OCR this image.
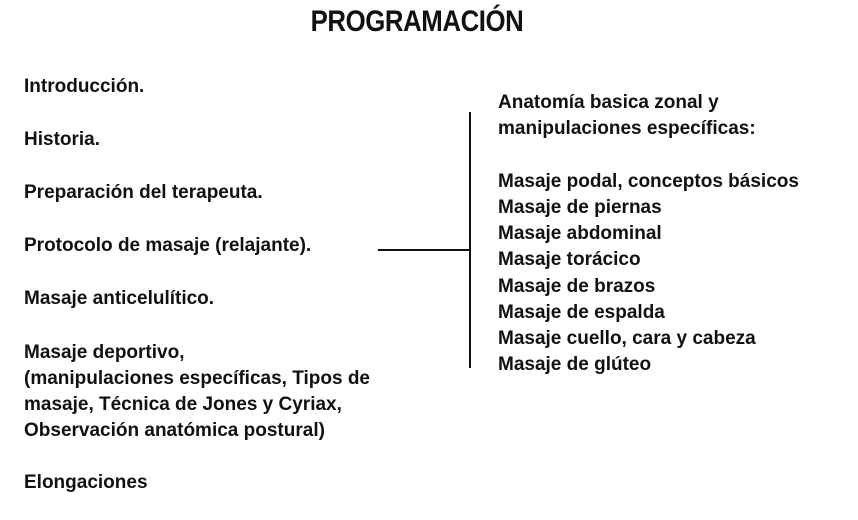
PROGRAMACIÓN
Introducción.
Historia.
Preparación del terapeuta.
Protocolo de masaje (relajante).
Masaje anticelulítico.
Masaje deportivo,
(manipulaciones específicas, Tipos de
masaje, Técnica de Jones y Cyriax,
Observación anatómica postural)
Elongaciones
Anatomía basica zonal y
manipulaciones específicas:
Masaje podal, conceptos básicos
Masaje de piernas
Masaje abdominal
Masaje torácico
Masaje de brazos
Masaje de espalda
Masaje cuello, cara y cabeza
Masaje de glúteo
